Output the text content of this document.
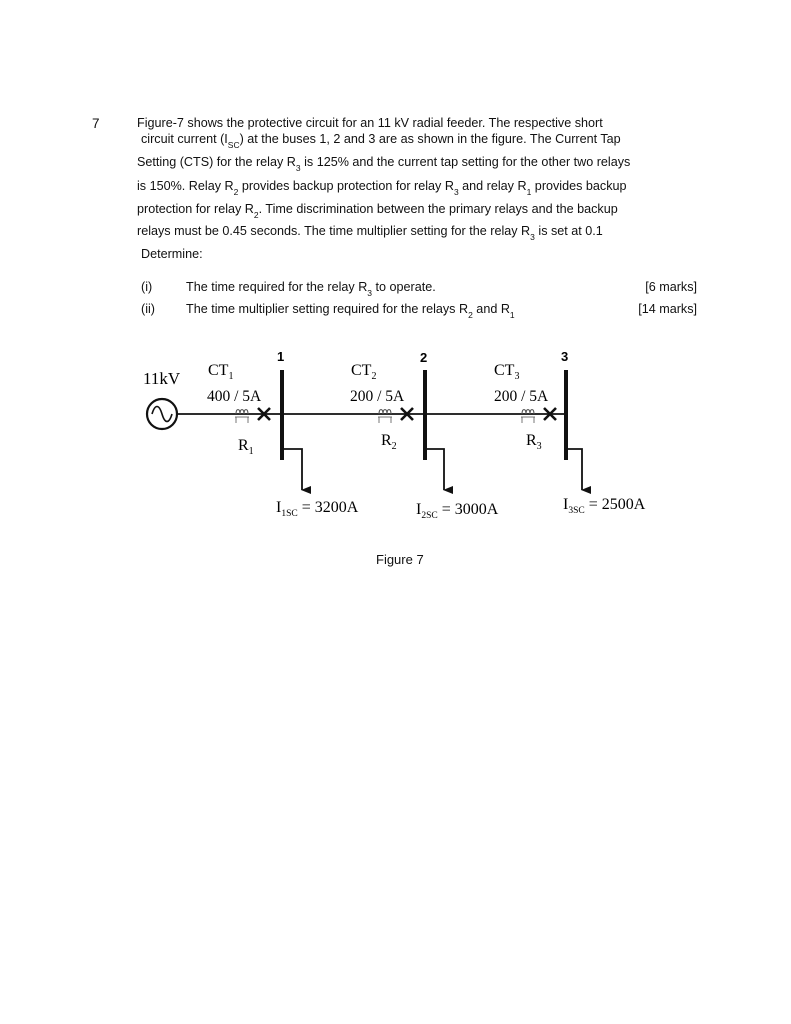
7	Figure-7 shows the protective circuit for an 11 kV radial feeder. The respective short
circuit current $(I_{SC})$ at the buses 1, 2 and 3 are as shown in the figure. The Current Tap
Setting (CTS) for the relay $R_3$ is 125% and the current tap setting for the other two relays
is 150%. Relay $R_2$ provides backup protection for relay $R_3$ and relay $R_1$ provides backup
protection for relay $R_2$. Time discrimination between the primary relays and the backup
relays must be 0.45 seconds. The time multiplier setting for the relay $R_3$ is set at 0.1
Determine:
(i)	The time required for the relay $R_3$ to operate.	[6 marks]
(ii) The time multiplier setting required for the relays $R_2$ and $R_1$	[14 marks]
11kV
1	2	3
$CT_1$	$CT_2$	$CT_3$
400 / 5A	200 / 5A	200 / 5A
$R_1$
$R_2$	$R_3$
$I_{1SC} = 3200A$	$I_{2SC} = 3000A$	$I_{3SC} = 2500A$
Figure 7
